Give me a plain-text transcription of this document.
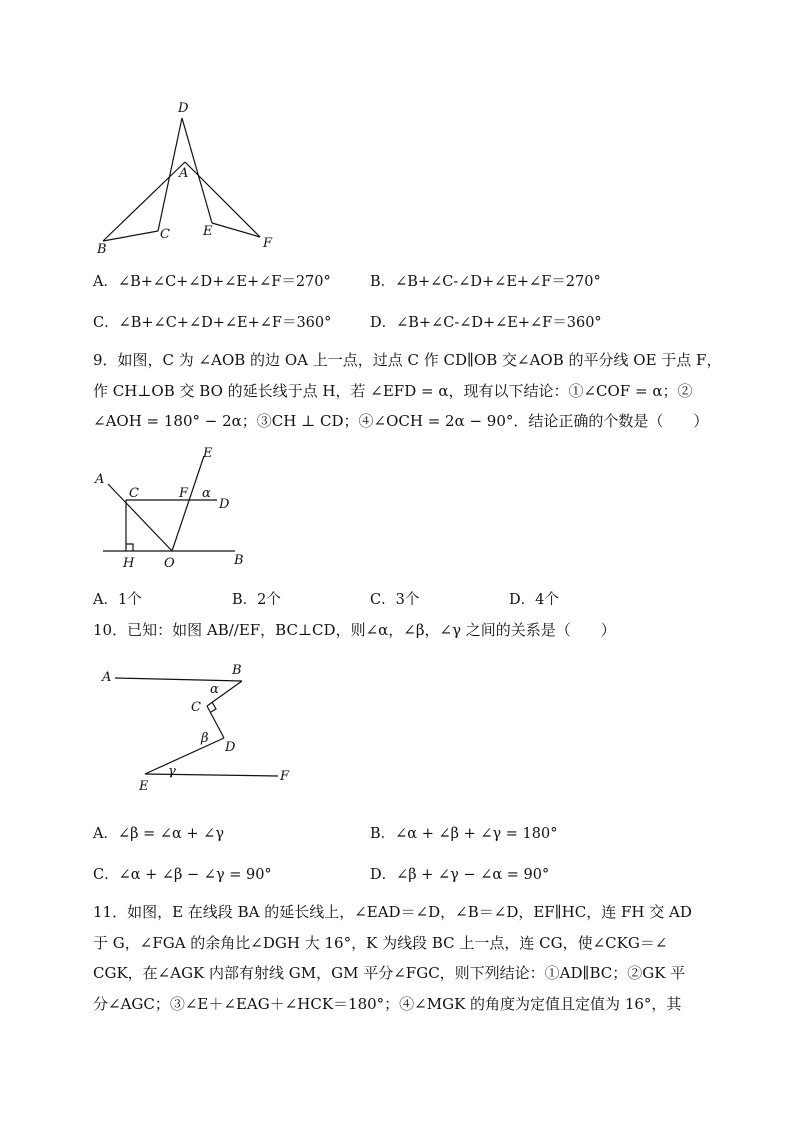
D
A
B
C	E
F
A．∠B+∠C+∠D+∠E+∠F＝270°	B．∠B+∠C-∠D+∠E+∠F＝270°
C．∠B+∠C+∠D+∠E+∠F＝360°	D．∠B+∠C-∠D+∠E+∠F＝360°
9．如图，C 为 ∠AOB 的边 OA 上一点，过点 C 作 CD∥OB 交∠AOB 的平分线 OE 于点 F，
作 CH⊥OB 交 BO 的延长线于点 H，若 ∠EFD = α，现有以下结论：①∠COF = α；②
∠AOH = 180° − 2α；③CH ⊥ CD；④∠OCH = 2α − 90°．结论正确的个数是（　　）
E
A
C	F α
D
H O	B
A．1个	B．2个	C．3个	D．4个
10．已知：如图 AB//EF，BC⊥CD，则∠α，∠β，∠γ 之间的关系是（　　）
A	B
α
C
β
D
γ
E
F
A．∠β = ∠α + ∠γ	B．∠α + ∠β + ∠γ = 180°
C．∠α + ∠β − ∠γ = 90°	D．∠β + ∠γ − ∠α = 90°
11．如图，E 在线段 BA 的延长线上，∠EAD＝∠D，∠B＝∠D，EF∥HC，连 FH 交 AD
于 G，∠FGA 的余角比∠DGH 大 16°，K 为线段 BC 上一点，连 CG，使∠CKG＝∠
CGK，在∠AGK 内部有射线 GM，GM 平分∠FGC，则下列结论：①AD∥BC；②GK 平
分∠AGC；③∠E＋∠EAG＋∠HCK＝180°；④∠MGK 的角度为定值且定值为 16°，其
